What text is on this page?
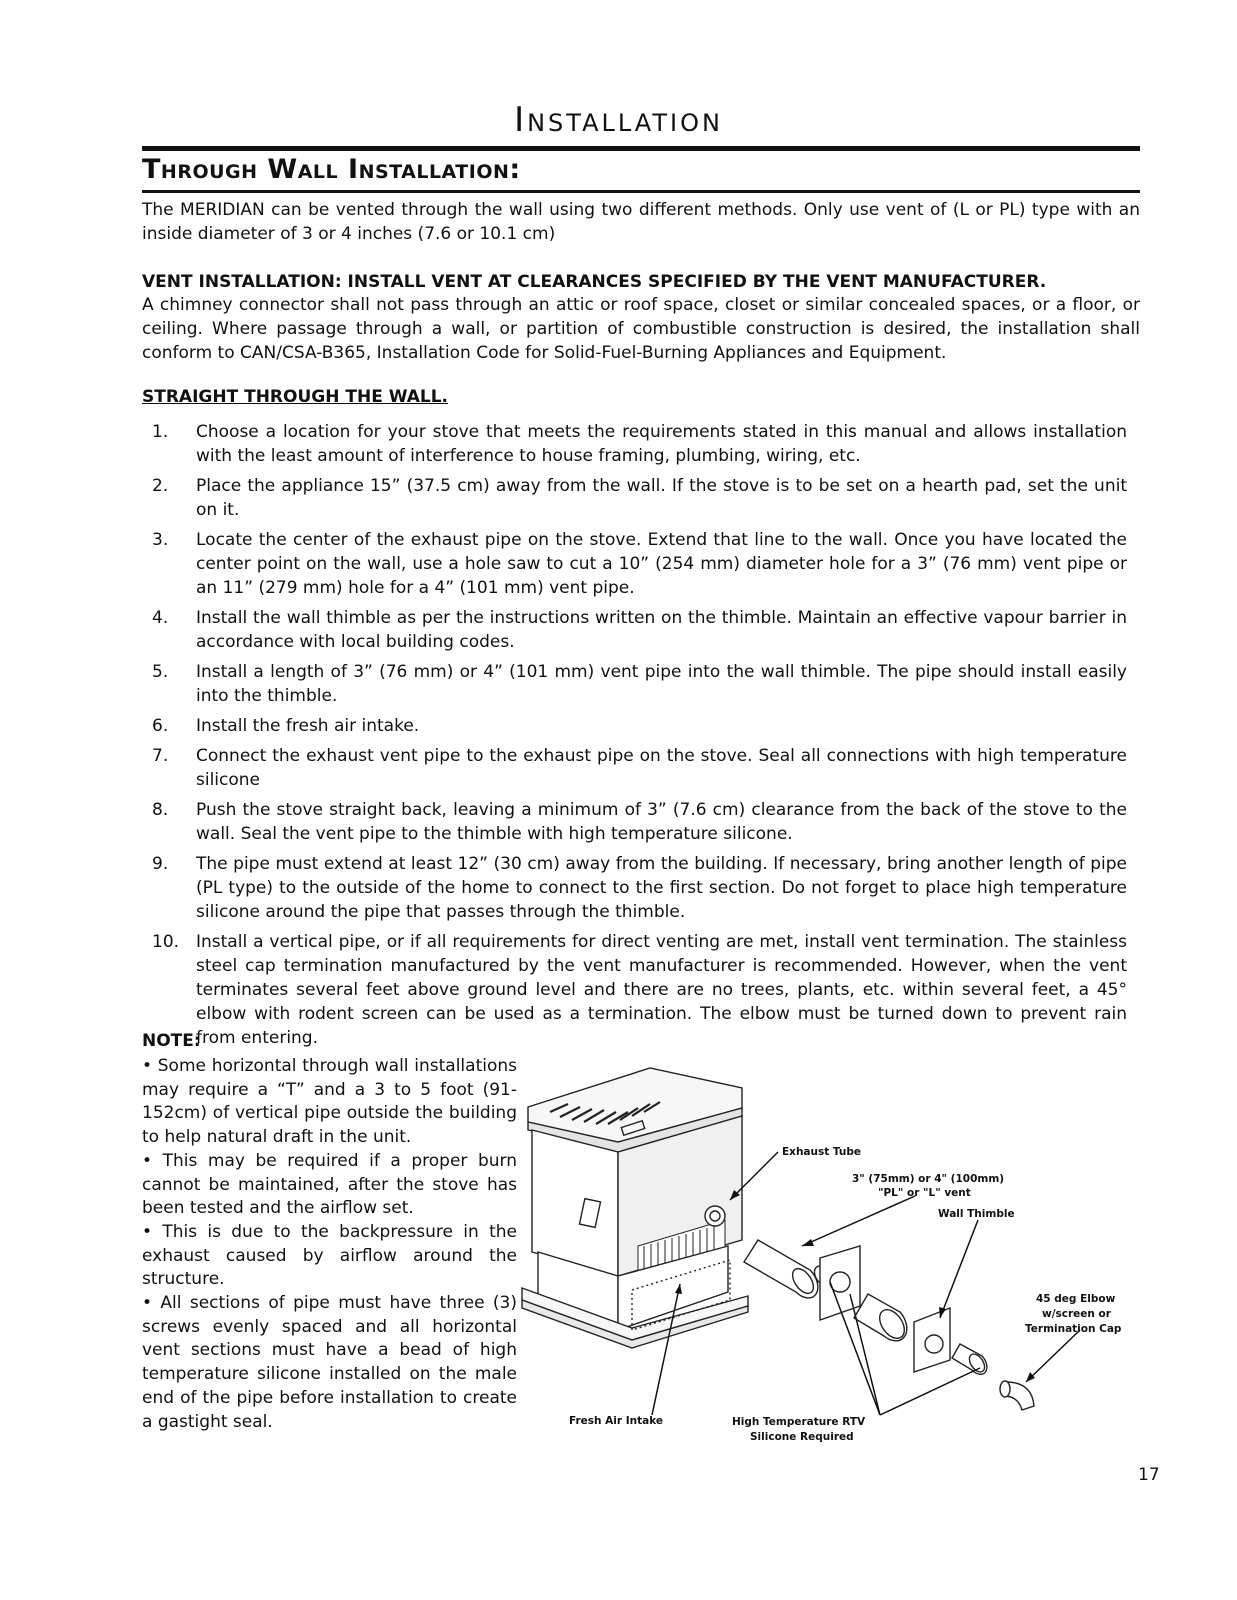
Installation
Through Wall Installation:

The MERIDIAN can be vented through the wall using two different methods. Only use vent of (L or PL) type with an inside diameter of 3 or 4 inches (7.6 or 10.1 cm)

VENT INSTALLATION: INSTALL VENT AT CLEARANCES SPECIFIED BY THE VENT MANUFACTURER.

A chimney connector shall not pass through an attic or roof space, closet or similar concealed spaces, or a floor, or ceiling. Where passage through a wall, or partition of combustible construction is desired, the installation shall conform to CAN/CSA-B365, Installation Code for Solid-Fuel-Burning Appliances and Equipment.

STRAIGHT THROUGH THE WALL.
1.	Choose a location for your stove that meets the requirements stated in this manual and allows installation with the least amount of interference to house framing, plumbing, wiring, etc.
2.	Place the appliance 15” (37.5 cm) away from the wall. If the stove is to be set on a hearth pad, set the unit on it.
3.	Locate the center of the exhaust pipe on the stove. Extend that line to the wall. Once you have located the center point on the wall, use a hole saw to cut a 10” (254 mm) diameter hole for a 3” (76 mm) vent pipe or an 11” (279 mm) hole for a 4” (101 mm) vent pipe.
4.	Install the wall thimble as per the instructions written on the thimble. Maintain an effective vapour barrier in accordance with local building codes.
5.	Install a length of 3” (76 mm) or 4” (101 mm) vent pipe into the wall thimble. The pipe should install easily into the thimble.
6.	Install the fresh air intake.
7.	Connect the exhaust vent pipe to the exhaust pipe on the stove. Seal all connections with high temperature silicone
8.	Push the stove straight back, leaving a minimum of 3” (7.6 cm) clearance from the back of the stove to the wall. Seal the vent pipe to the thimble with high temperature silicone.
9.	The pipe must extend at least 12” (30 cm) away from the building. If necessary, bring another length of pipe (PL type) to the outside of the home to connect to the first section. Do not forget to place high temperature silicone around the pipe that passes through the thimble.
10. Install a vertical pipe, or if all requirements for direct venting are met, install vent termination. The stainless steel cap termination manufactured by the vent manufacturer is recommended. However, when the vent terminates several feet above ground level and there are no trees, plants, etc. within several feet, a 45° elbow with rodent screen can be used as a termination. The elbow must be turned down to prevent rain from entering.
NOTE:
• Some horizontal through wall installations may require a “T” and a 3 to 5 foot (91-152cm) of vertical pipe outside the building to help natural draft in the unit.
• This may be required if a proper burn cannot be maintained, after the stove has been tested and the airflow set.
• This is due to the backpressure in the exhaust caused by airflow around the structure.
• All sections of pipe must have three (3) screws evenly spaced and all horizontal vent sections must have a bead of high temperature silicone installed on the male end of the pipe before installation to create a gastight seal.
Exhaust Tube
3" (75mm) or 4" (100mm)
"PL" or "L" vent
Wall Thimble
45 deg Elbow
w/screen or
Termination Cap
Fresh Air Intake	High Temperature RTV
Silicone Required
17
